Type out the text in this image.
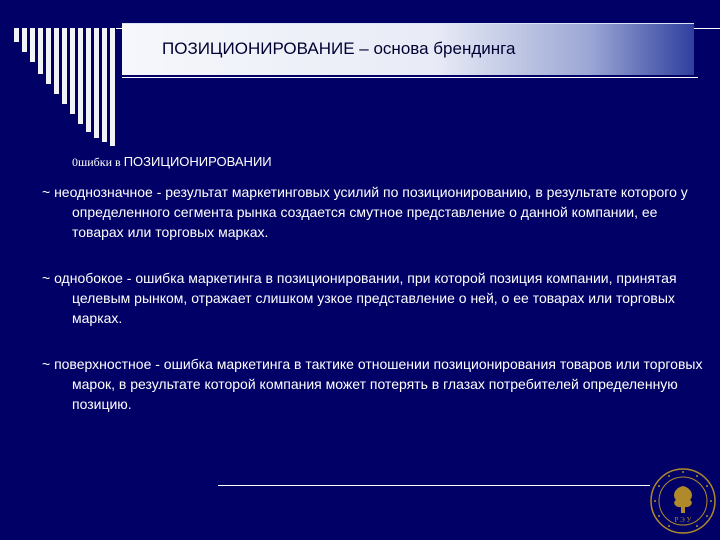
ПОЗИЦИОНИРОВАНИЕ – основа брендинга
0шибки в ПОЗИЦИОНИРОВАНИИ
~ неоднозначное - результат маркетинговых усилий по позиционированию, в результате которого у определенного сегмента рынка создается смутное представление о данной компании, ее товарах или торговых марках.
~ однобокое - ошибка маркетинга в позиционировании, при которой позиция компании, принятая целевым рынком, отражает слишком узкое представление о ней, о ее товарах или торговых марках.
~ поверхностное - ошибка маркетинга в тактике отношении позиционирования товаров или торговых марок, в результате которой компания может потерять в глазах потребителей определенную позицию.
Р Э У
